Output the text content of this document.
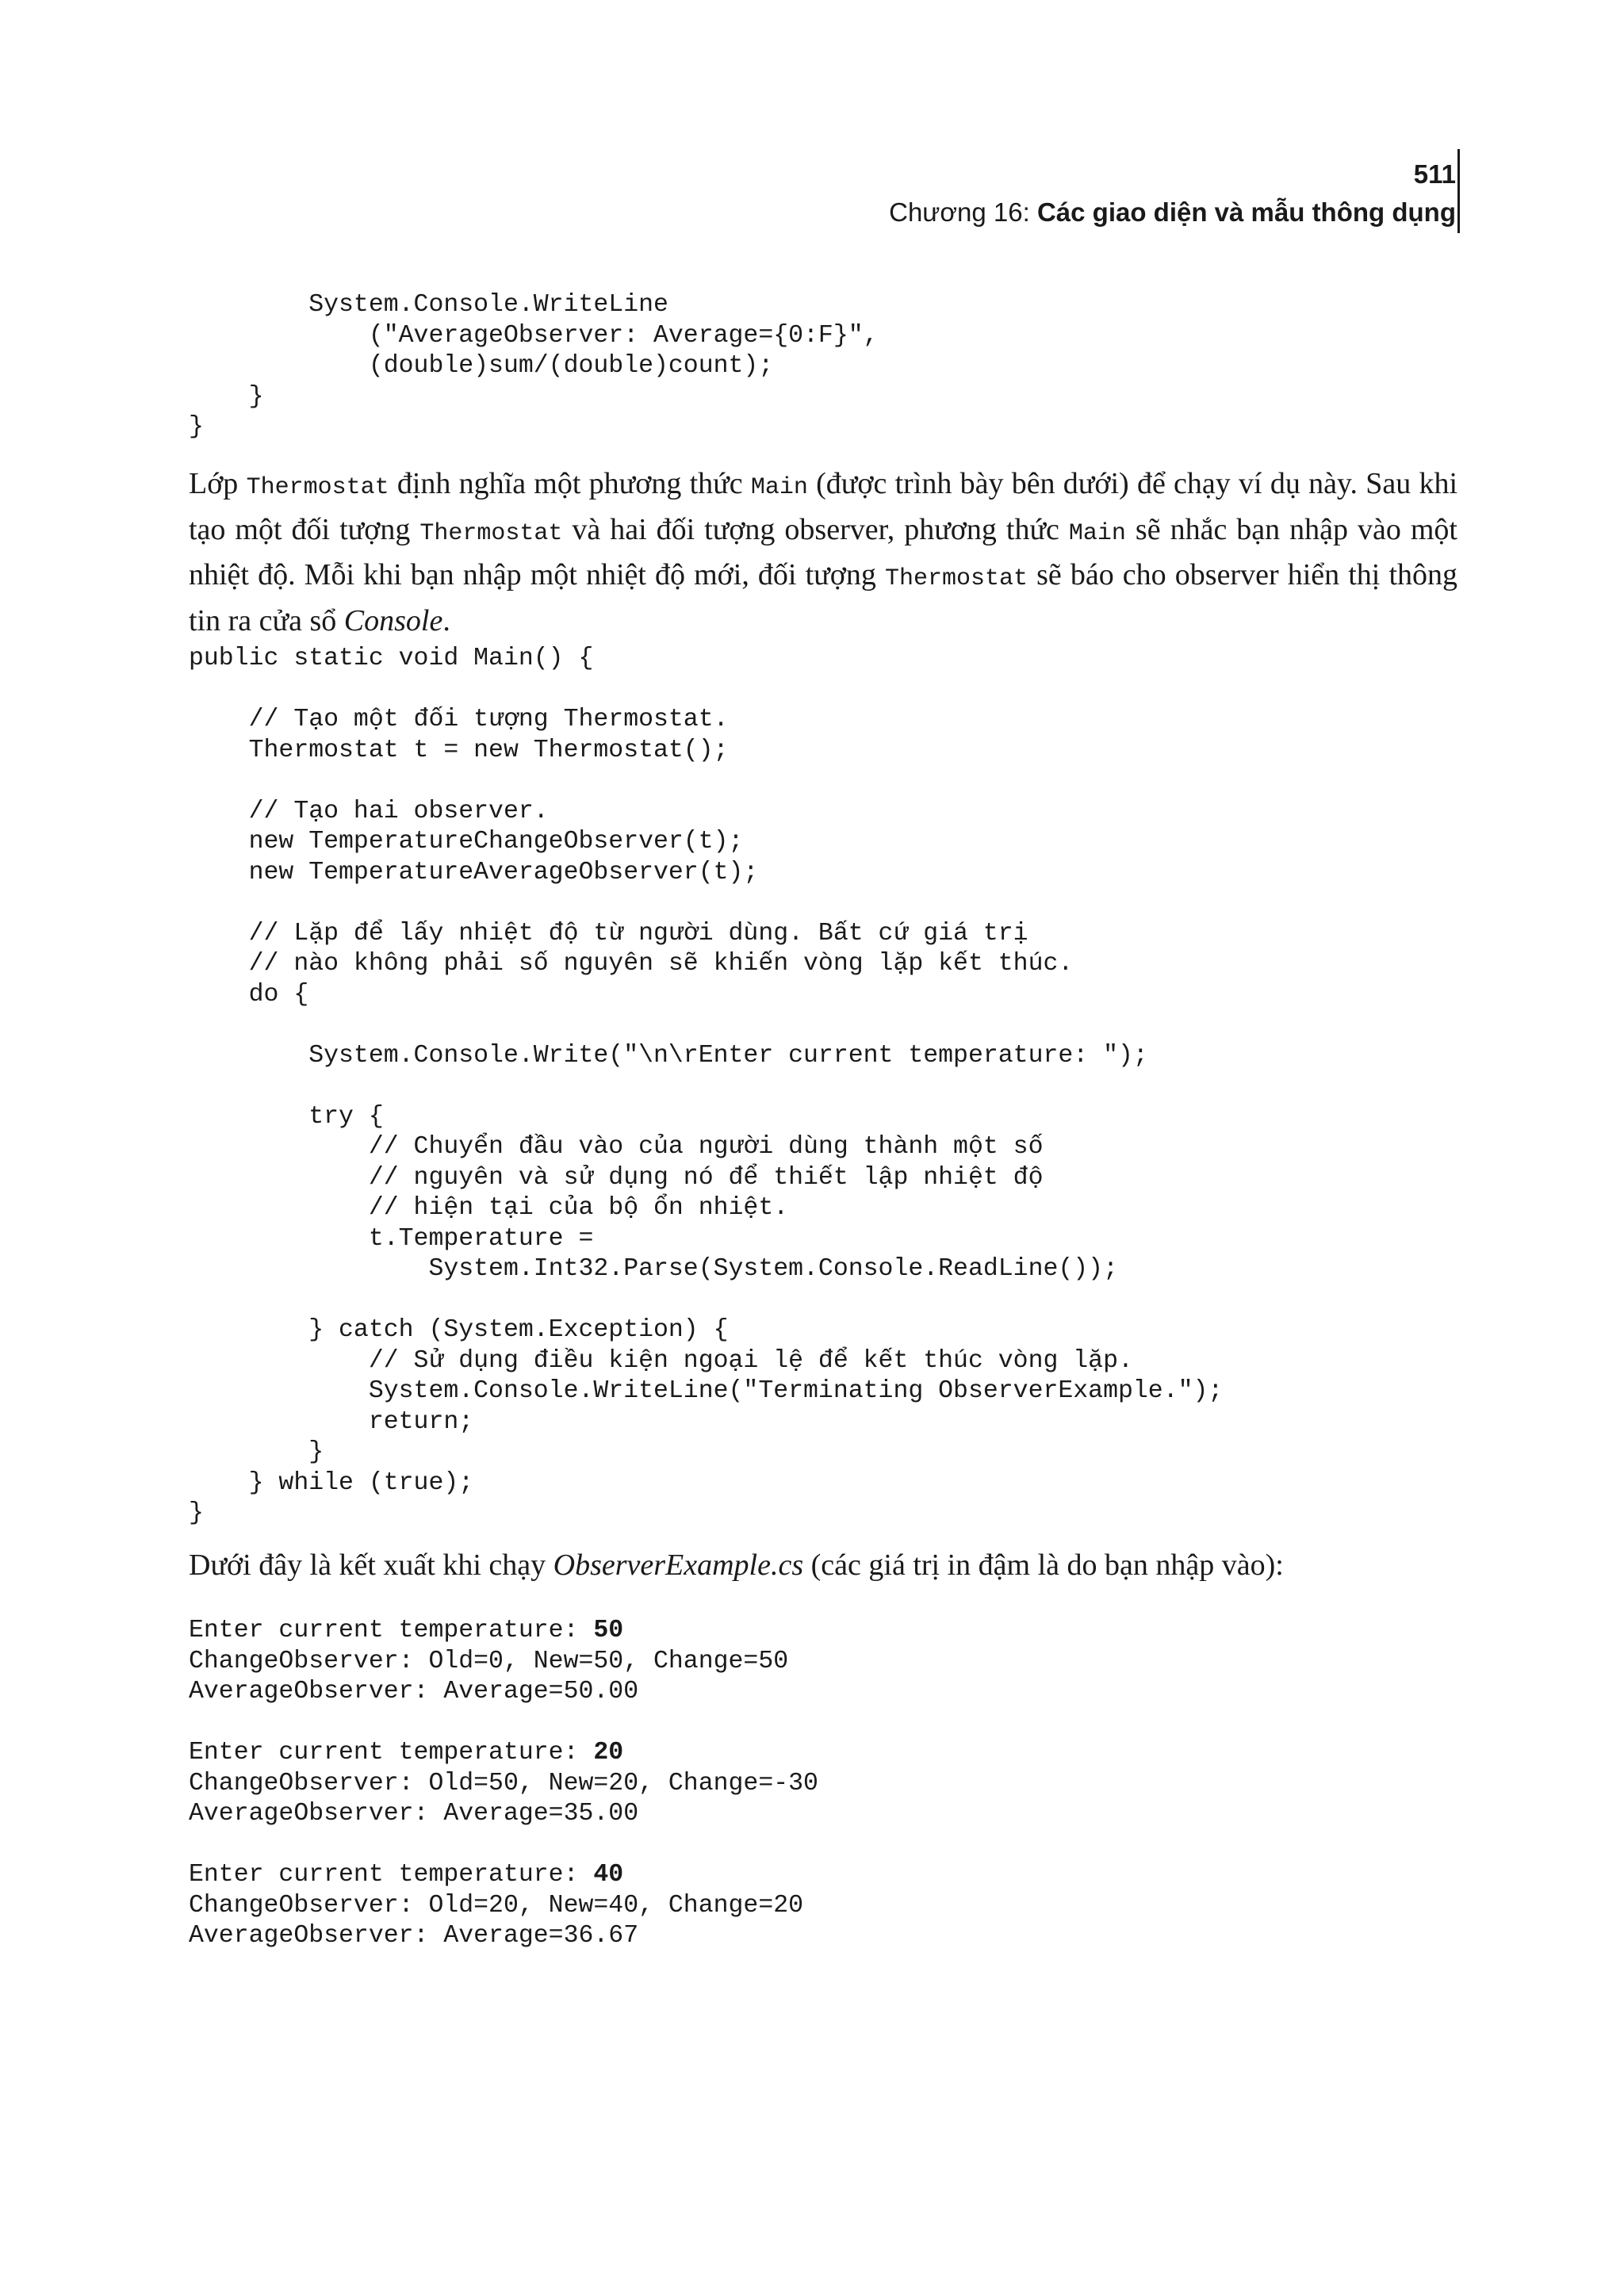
511
Chương 16: Các giao diện và mẫu thông dụng
System.Console.WriteLine
("AverageObserver: Average={0:F}",
(double)sum/(double)count);
}
}

Lớp Thermostat định nghĩa một phương thức Main (được trình bày bên dưới) để chạy ví dụ này. Sau khi tạo một đối tượng Thermostat và hai đối tượng observer, phương thức Main sẽ nhắc bạn nhập vào một nhiệt độ. Mỗi khi bạn nhập một nhiệt độ mới, đối tượng Thermostat sẽ báo cho observer hiển thị thông tin ra cửa sổ Console.

public static void Main() {

// Tạo một đối tượng Thermostat.
Thermostat t = new Thermostat();

// Tạo hai observer.
new TemperatureChangeObserver(t);
new TemperatureAverageObserver(t);

// Lặp để lấy nhiệt độ từ người dùng. Bất cứ giá trị
// nào không phải số nguyên sẽ khiến vòng lặp kết thúc.
do {

System.Console.Write("\n\rEnter current temperature: ");

try {
// Chuyển đầu vào của người dùng thành một số
// nguyên và sử dụng nó để thiết lập nhiệt độ
// hiện tại của bộ ổn nhiệt.
t.Temperature =
System.Int32.Parse(System.Console.ReadLine());

} catch (System.Exception) {
// Sử dụng điều kiện ngoại lệ để kết thúc vòng lặp.
System.Console.WriteLine("Terminating ObserverExample.");
return;
}
} while (true);
}

Dưới đây là kết xuất khi chạy ObserverExample.cs (các giá trị in đậm là do bạn nhập vào):

Enter current temperature: 50
ChangeObserver: Old=0, New=50, Change=50
AverageObserver: Average=50.00

Enter current temperature: 20
ChangeObserver: Old=50, New=20, Change=-30
AverageObserver: Average=35.00

Enter current temperature: 40
ChangeObserver: Old=20, New=40, Change=20
AverageObserver: Average=36.67
